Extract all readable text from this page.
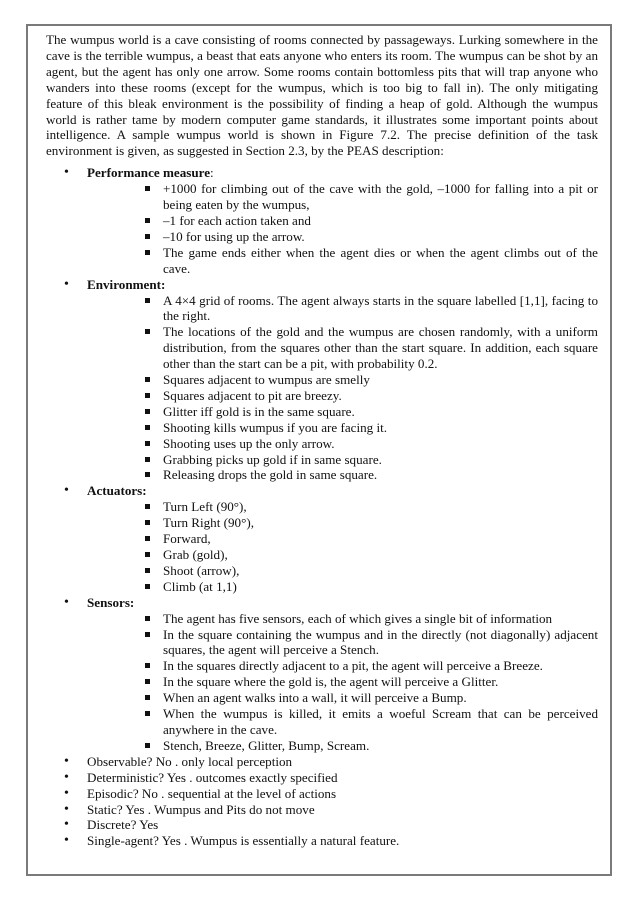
The wumpus world is a cave consisting of rooms connected by passageways. Lurking somewhere in the cave is the terrible wumpus, a beast that eats anyone who enters its room. The wumpus can be shot by an agent, but the agent has only one arrow. Some rooms contain bottomless pits that will trap anyone who wanders into these rooms (except for the wumpus, which is too big to fall in). The only mitigating feature of this bleak environment is the possibility of finding a heap of gold. Although the wumpus world is rather tame by modern computer game standards, it illustrates some important points about intelligence. A sample wumpus world is shown in Figure 7.2. The precise definition of the task environment is given, as suggested in Section 2.3, by the PEAS description:

• Performance measure:
+1000 for climbing out of the cave with the gold, –1000 for falling into a pit or being eaten by the wumpus,
–1 for each action taken and
–10 for using up the arrow.
The game ends either when the agent dies or when the agent climbs out of the cave.
• Environment:
A 4×4 grid of rooms. The agent always starts in the square labelled [1,1], facing to the right.
The locations of the gold and the wumpus are chosen randomly, with a uniform distribution, from the squares other than the start square. In addition, each square other than the start can be a pit, with probability 0.2.
Squares adjacent to wumpus are smelly
Squares adjacent to pit are breezy.
Glitter iff gold is in the same square.
Shooting kills wumpus if you are facing it.
Shooting uses up the only arrow.
Grabbing picks up gold if in same square.
Releasing drops the gold in same square.
• Actuators:
Turn Left (90°),
Turn Right (90°),
Forward,
Grab (gold),
Shoot (arrow),
Climb (at 1,1)
• Sensors:
The agent has five sensors, each of which gives a single bit of information
In the square containing the wumpus and in the directly (not diagonally) adjacent squares, the agent will perceive a Stench.
In the squares directly adjacent to a pit, the agent will perceive a Breeze.
In the square where the gold is, the agent will perceive a Glitter.
When an agent walks into a wall, it will perceive a Bump.
When the wumpus is killed, it emits a woeful Scream that can be perceived anywhere in the cave.
Stench, Breeze, Glitter, Bump, Scream.
• Observable? No . only local perception
• Deterministic? Yes . outcomes exactly specified
• Episodic? No . sequential at the level of actions
• Static? Yes . Wumpus and Pits do not move
• Discrete? Yes
• Single-agent? Yes . Wumpus is essentially a natural feature.
